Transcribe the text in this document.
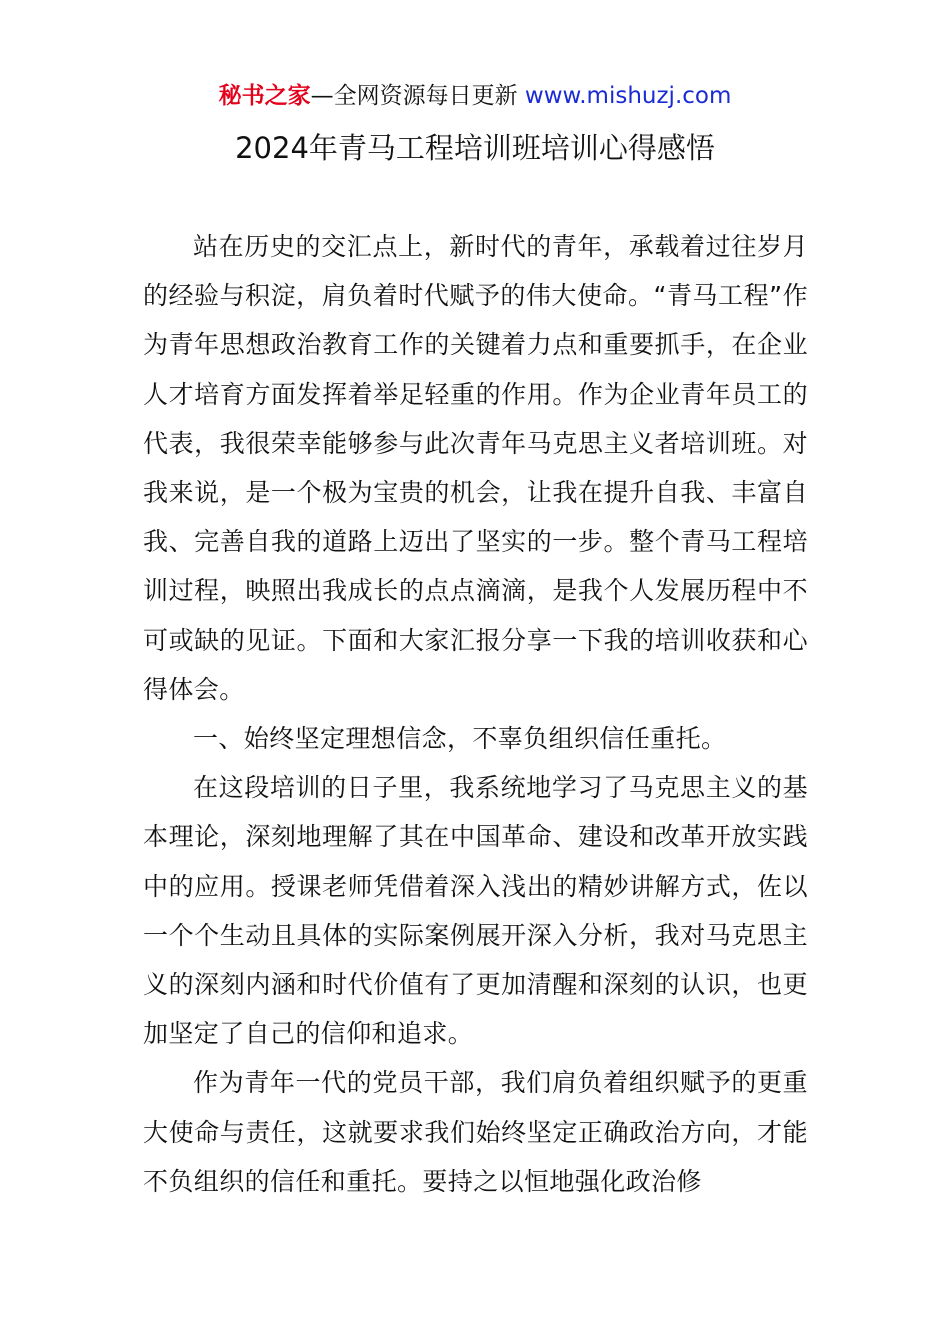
秘书之家—全网资源每日更新 www.mishuzj.com
2024年青马工程培训班培训心得感悟

站在历史的交汇点上，新时代的青年，承载着过往岁月的经验与积淀，肩负着时代赋予的伟大使命。“青马工程”作为青年思想政治教育工作的关键着力点和重要抓手，在企业人才培育方面发挥着举足轻重的作用。作为企业青年员工的代表，我很荣幸能够参与此次青年马克思主义者培训班。对我来说，是一个极为宝贵的机会，让我在提升自我、丰富自我、完善自我的道路上迈出了坚实的一步。整个青马工程培训过程，映照出我成长的点点滴滴，是我个人发展历程中不可或缺的见证。下面和大家汇报分享一下我的培训收获和心得体会。

一、始终坚定理想信念，不辜负组织信任重托。

在这段培训的日子里，我系统地学习了马克思主义的基本理论，深刻地理解了其在中国革命、建设和改革开放实践中的应用。授课老师凭借着深入浅出的精妙讲解方式，佐以一个个生动且具体的实际案例展开深入分析，我对马克思主义的深刻内涵和时代价值有了更加清醒和深刻的认识，也更加坚定了自己的信仰和追求。

作为青年一代的党员干部，我们肩负着组织赋予的更重大使命与责任，这就要求我们始终坚定正确政治方向，才能不负组织的信任和重托。要持之以恒地强化政治修
